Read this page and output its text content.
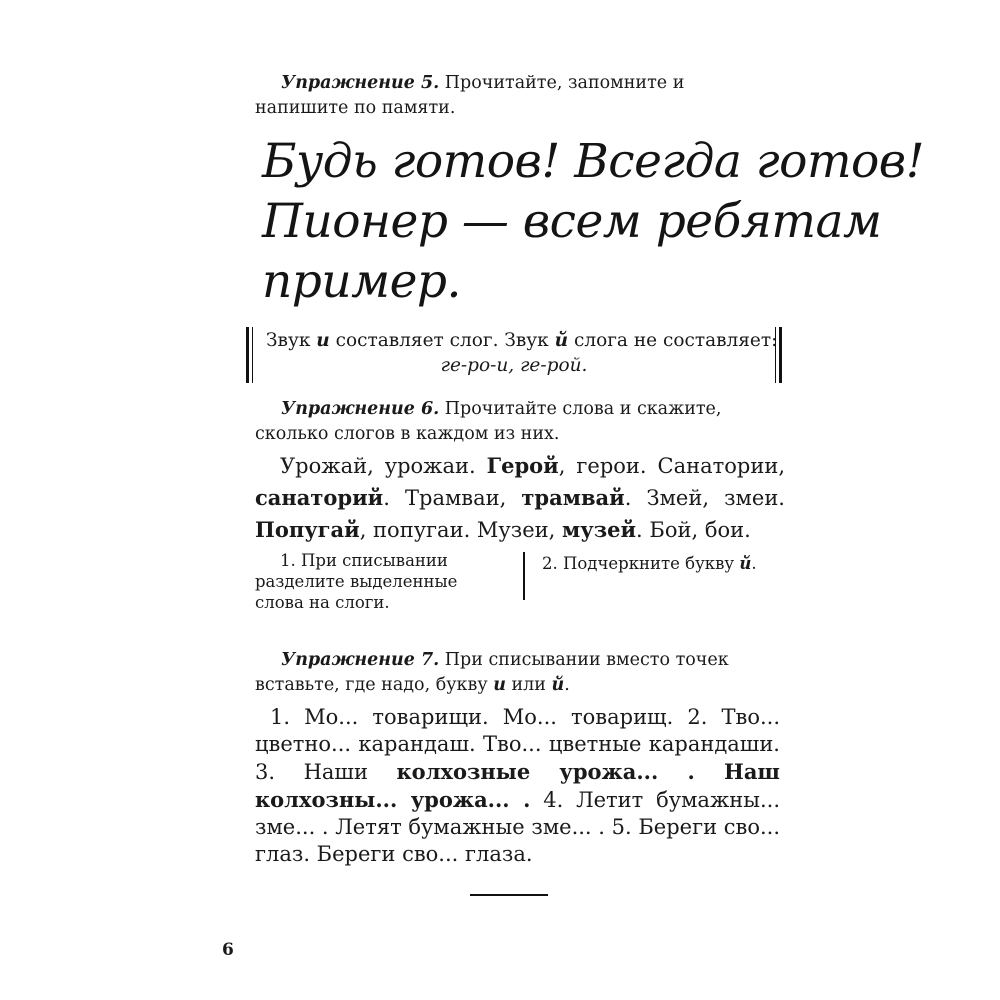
Упражнение 5. Прочитайте, запомните и напишите по памяти.

Будь готов! Всегда готов!
Пионер — всем ребятам
пример.
Звук и составляет слог. Звук й слога не составляет:
ге-ро-и, ге-рой.

Упражнение 6. Прочитайте слова и скажите, сколько слогов в каждом из них.

Урожай, урожаи. Герой, герои. Санатории, санаторий. Трамваи, трамвай. Змей, змеи. Попугай, попугаи. Музеи, музей. Бой, бои.

1. При списывании разделите выделенные слова на слоги.
2. Подчеркните букву й.

Упражнение 7. При списывании вместо точек вставьте, где надо, букву и или й.

1. Мо... товарищи. Мо... товарищ. 2. Тво... цветно... карандаш. Тво... цветные карандаши. 3. Наши колхозные урожа... . Наш колхозны... урожа... . 4. Летит бумажны... зме... . Летят бумажные зме... . 5. Береги сво... глаз. Береги сво... глаза.

6
